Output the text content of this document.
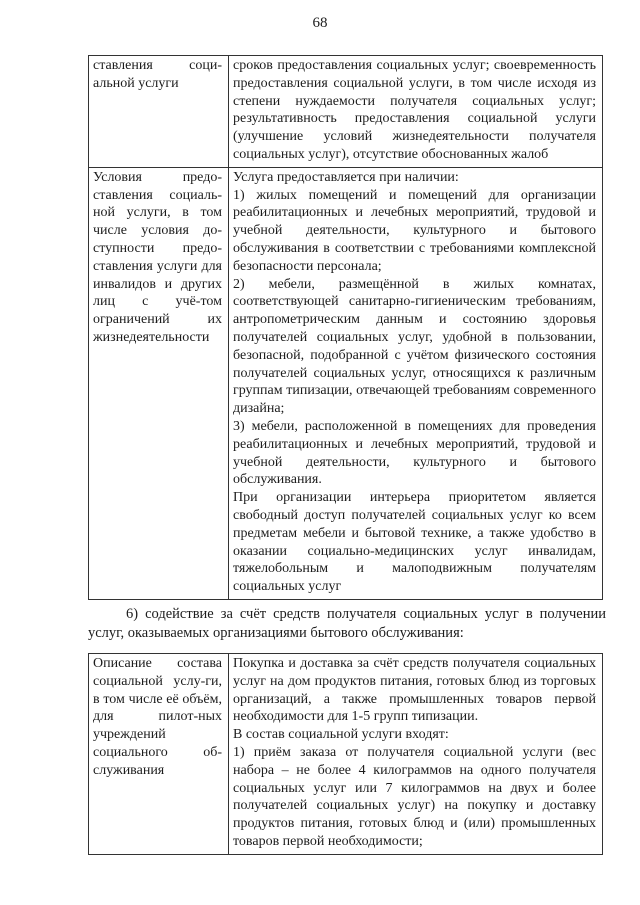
68
ставления соци-альной услуги	сроков предоставления социальных услуг; своевременность предоставления социальной услуги, в том числе исходя из степени нуждаемости получателя социальных услуг; результативность предоставления социальной услуги (улучшение условий жизнедеятельности получателя социальных услуг), отсутствие обоснованных жалоб

Условия предо-ставления социаль-ной услуги, в том числе условия до-ступности предо-ставления услуги для инвалидов и других лиц с учё-том ограничений их жизнедеятельности	Услуга предоставляется при наличии:
1) жилых помещений и помещений для организации реабилитационных и лечебных мероприятий, трудовой и учебной деятельности, культурного и бытового обслуживания в соответствии с требованиями комплексной безопасности персонала;
2) мебели, размещённой в жилых комнатах, соответствующей санитарно-гигиеническим требованиям, антропометрическим данным и состоянию здоровья получателей социальных услуг, удобной в пользовании, безопасной, подобранной с учётом физического состояния получателей социальных услуг, относящихся к различным группам типизации, отвечающей требованиям современного дизайна;
3) мебели, расположенной в помещениях для проведения реабилитационных и лечебных мероприятий, трудовой и учебной деятельности, культурного и бытового обслуживания.
При организации интерьера приоритетом является свободный доступ получателей социальных услуг ко всем предметам мебели и бытовой технике, а также удобство в оказании социально-медицинских услуг инвалидам, тяжелобольным и малоподвижным получателям социальных услуг
6) содействие за счёт средств получателя социальных услуг в получении услуг, оказываемых организациями бытового обслуживания:
Описание состава социальной услу-ги, в том числе её объём, для пилот-ных учреждений социального об-служивания	
Покупка и доставка за счёт средств получателя социальных услуг на дом продуктов питания, готовых блюд из торговых организаций, а также промышленных товаров первой необходимости для 1-5 групп типизации.
В состав социальной услуги входят:
1) приём заказа от получателя социальной услуги (вес набора – не более 4 килограммов на одного получателя социальных услуг или 7 килограммов на двух и более получателей социальных услуг) на покупку и доставку продуктов питания, готовых блюд и (или) промышленных товаров первой необходимости;
